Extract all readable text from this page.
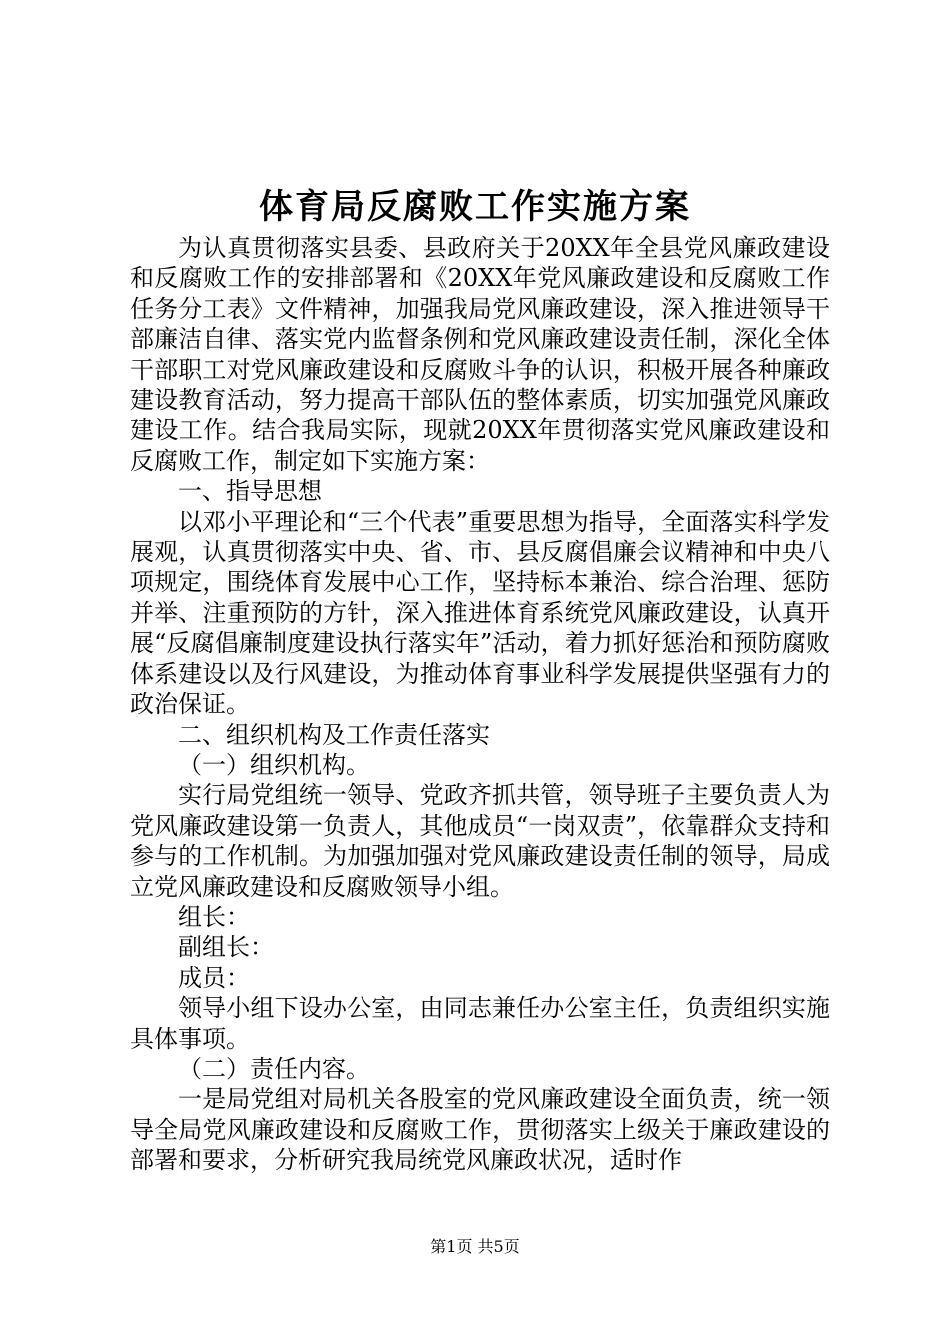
体育局反腐败工作实施方案

为认真贯彻落实县委、县政府关于20XX年全县党风廉政建设和反腐败工作的安排部署和《20XX年党风廉政建设和反腐败工作任务分工表》文件精神，加强我局党风廉政建设，深入推进领导干部廉洁自律、落实党内监督条例和党风廉政建设责任制，深化全体干部职工对党风廉政建设和反腐败斗争的认识，积极开展各种廉政建设教育活动，努力提高干部队伍的整体素质，切实加强党风廉政建设工作。结合我局实际，现就20XX年贯彻落实党风廉政建设和反腐败工作，制定如下实施方案：

一、指导思想

以邓小平理论和“三个代表”重要思想为指导，全面落实科学发展观，认真贯彻落实中央、省、市、县反腐倡廉会议精神和中央八项规定，围绕体育发展中心工作，坚持标本兼治、综合治理、惩防并举、注重预防的方针，深入推进体育系统党风廉政建设，认真开展“反腐倡廉制度建设执行落实年”活动，着力抓好惩治和预防腐败体系建设以及行风建设，为推动体育事业科学发展提供坚强有力的政治保证。

二、组织机构及工作责任落实

（一）组织机构。

实行局党组统一领导、党政齐抓共管，领导班子主要负责人为党风廉政建设第一负责人，其他成员“一岗双责”，依靠群众支持和参与的工作机制。为加强加强对党风廉政建设责任制的领导，局成立党风廉政建设和反腐败领导小组。

组长：

副组长：

成员：

领导小组下设办公室，由同志兼任办公室主任，负责组织实施具体事项。

（二）责任内容。

一是局党组对局机关各股室的党风廉政建设全面负责，统一领导全局党风廉政建设和反腐败工作，贯彻落实上级关于廉政建设的部署和要求，分析研究我局统党风廉政状况，适时作

第1页 共5页
